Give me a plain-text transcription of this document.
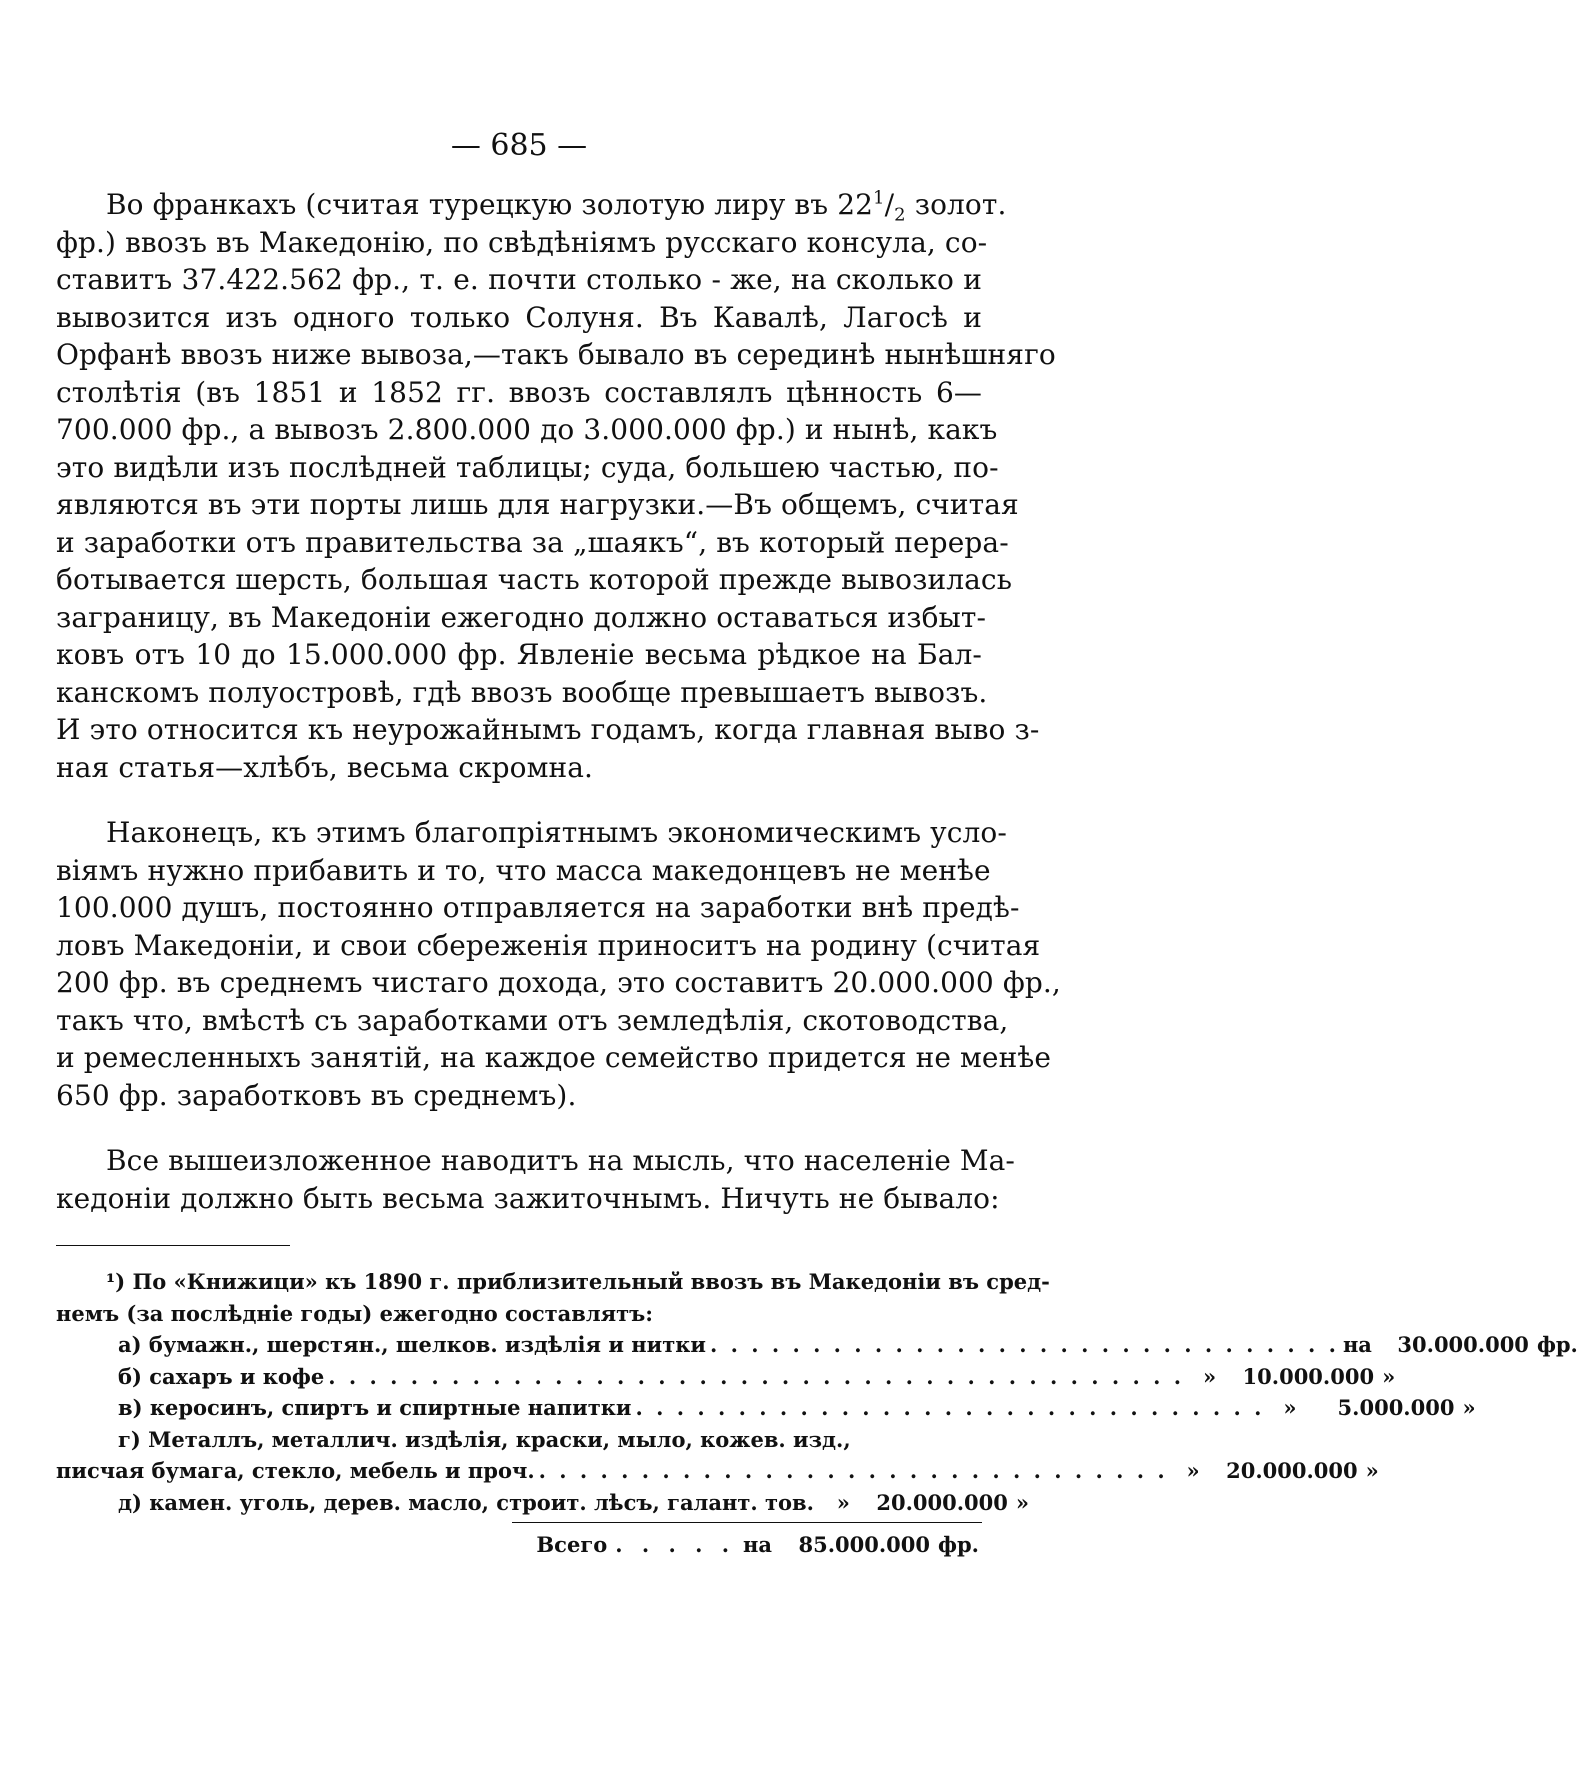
— 685 —
Во франкахъ (считая турецкую золотую лиру въ $22^1/_2$ золот.
фр.) ввозъ въ Македонію, по свѣдѣніямъ русскаго консула, со-
ставитъ 37.422.562 фр., т. е. почти столько - же, на сколько и
вывозится изъ одного только Солуня. Въ Кавалѣ, Лагосѣ и
Орфанѣ ввозъ ниже вывоза,—такъ бывало въ серединѣ нынѣшняго
столѣтія (въ 1851 и 1852 гг. ввозъ составлялъ цѣнность 6—
700.000 фр., а вывозъ 2.800.000 до 3.000.000 фр.) и нынѣ, какъ
это видѣли изъ послѣдней таблицы; суда, большею частью, по-
являются въ эти порты лишь для нагрузки.—Въ общемъ, считая
и заработки отъ правительства за „шаякъ“, въ который перера-
ботывается шерсть, большая часть которой прежде вывозилась
заграницу, въ Македоніи ежегодно должно оставаться избыт-
ковъ отъ 10 до 15.000.000 фр. Явленіе весьма рѣдкое на Бал-
канскомъ полуостровѣ, гдѣ ввозъ вообще превышаетъ вывозъ.
И это относится къ неурожайнымъ годамъ, когда главная выво з-
ная статья—хлѣбъ, весьма скромна.
Наконецъ, къ этимъ благопріятнымъ экономическимъ усло-
віямъ нужно прибавить и то, что масса македонцевъ не менѣе
100.000 душъ, постоянно отправляется на заработки внѣ предѣ-
ловъ Македоніи, и свои сбереженія приноситъ на родину (считая
200 фр. въ среднемъ чистаго дохода, это составитъ 20.000.000 фр.,
такъ что, вмѣстѣ съ заработками отъ земледѣлія, скотоводства,
и ремесленныхъ занятій, на каждое семейство придется не менѣе
650 фр. заработковъ въ среднемъ).
Все вышеизложенное наводитъ на мысль, что населеніе Ма-
кедоніи должно быть весьма зажиточнымъ. Ничуть не бывало:
¹) По «Книжици» къ 1890 г. приблизительный ввозъ въ Македоніи въ сред-
немъ (за послѣдніе годы) ежегодно составлятъ:
а) бумажн., шерстян., шелков. издѣлія и нитки . . . . . . . . . . . . . . . . . . . . . . . . . . . . . . . на	30.000.000 фр.
б) сахаръ и кофе . . . . . . . . . . . . . . . . . . . . . . . . . . . . . . . . . . . . . . . . . . »	10.000.000 »
в) керосинъ, спиртъ и спиртные напитки . . . . . . . . . . . . . . . . . . . . . . . . . . . . . . . »	5.000.000 »
г) Металлъ, металлич. издѣлія, краски, мыло, кожев. изд.,
писчая бумага, стекло, мебель и проч. . . . . . . . . . . . . . . . . . . . . . . . . . . . . . . . »	20.000.000 »
д) камен. уголь, дерев. масло, строит. лѣсъ, галант. тов.	»	20.000.000 »
Всего . . . . . на	85.000.000 фр.
